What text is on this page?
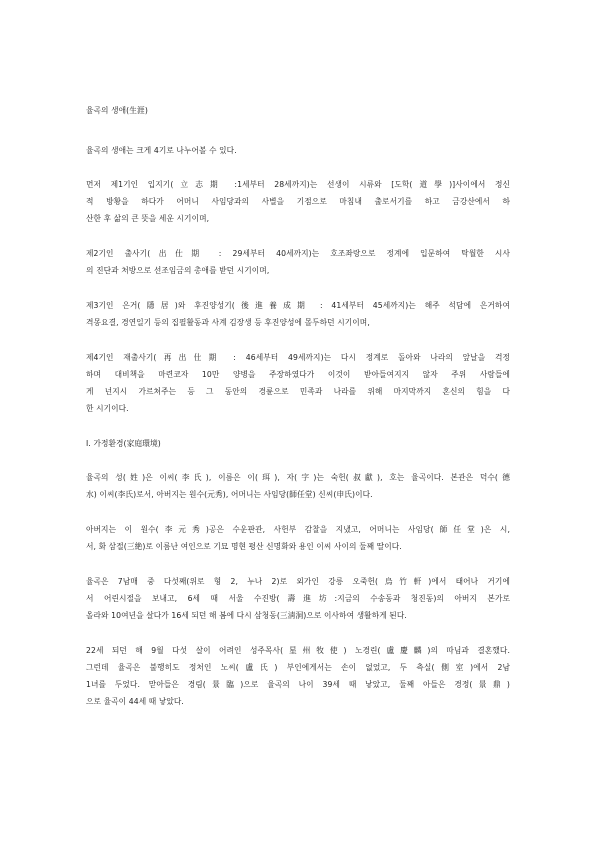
율곡의 생애(生涯)
율곡의 생애는 크게 4기로 나누어볼 수 있다.
먼저 제1기인 입지기(立志期 :1세부터 28세까지)는 선생이 시류와 [도학(道學)]사이에서 정신
적 방황을 하다가 어머니 사임당과의 사별을 기점으로 마침내 출로서기를 하고 금강산에서 하
산한 후 삶의 큰 뜻을 세운 시기이며,
제2기인 출사기(出仕期 : 29세부터 40세까지)는 호조좌랑으로 정계에 입문하여 탁월한 시사
의 진단과 처방으로 선조임금의 총애를 받던 시기이며,
제3기인 은거(隱居)와 후진양성기(後進養成期 : 41세부터 45세까지)는 해주 석담에 은거하여
격몽요결, 경연일기 등의 집필활동과 사계 김장생 등 후진양성에 몰두하던 시기이며,
제4기인 재출사기(再出仕期 : 46세부터 49세까지)는 다시 정계로 돌아와 나라의 앞날을 걱정
하며 대비책을 마련코자 10만 양병을 주장하였다가 이것이 받아들여지지 않자 주위 사람들에
게 넌지시 가르쳐주는 등 그 동안의 경륜으로 민족과 나라를 위해 마지막까지 혼신의 힘을 다
한 시기이다.
I. 가정환경(家庭環境)
율곡의 성(姓)은 이씨(李氏), 이름은 이(珥), 자(字)는 숙헌(叔獻), 호는 율곡이다. 본관은 덕수(德
水) 이씨(李氏)로서, 아버지는 원수(元秀), 어머니는 사임당(師任堂) 신씨(申氏)이다.
아버지는 이 원수(李元秀)공은 수운판관, 사헌부 감찰을 지냈고, 어머니는 사임당(師任堂)은 시,
서, 화 삼절(三絶)로 이름난 여인으로 기묘 명현 평산 신명화와 용인 이씨 사이의 둘째 딸이다.
율곡은 7남매 중 다섯째(위로 형 2, 누나 2)로 외가인 강릉 오죽헌(烏竹軒)에서 태어나 거기에
서 어린시절을 보내고, 6세 때 서울 수진방(壽進坊:지금의 수송동과 청진동)의 아버지 본가로
올라와 10여년을 살다가 16세 되던 해 봄에 다시 삼청동(三淸洞)으로 이사하여 생활하게 된다.
22세 되던 해 9월 다섯 살이 어려인 성주목사(星州牧使) 노경린(盧慶麟)의 따님과 결혼했다.
그런데 율곡은 불행히도 정처인 노씨(盧氏) 부인에게서는 손이 없었고, 두 측실(側室)에서 2남
1녀를 두었다. 맏아들은 경림(景臨)으로 율곡의 나이 39세 때 낳았고, 둘째 아들은 경정(景鼎)
으로 율곡이 44세 때 낳았다.
